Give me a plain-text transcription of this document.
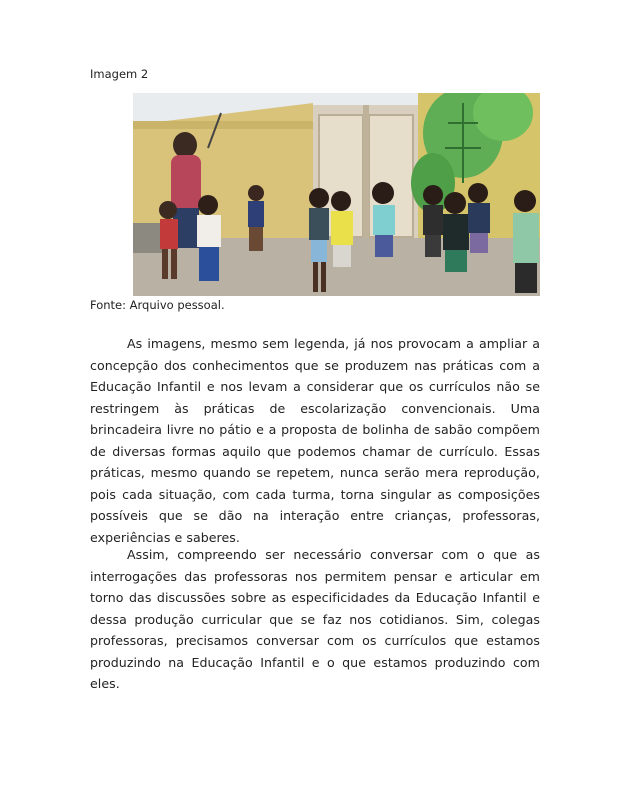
Imagem 2
Fonte: Arquivo pessoal.

As imagens, mesmo sem legenda, já nos provocam a ampliar a concepção dos conhecimentos que se produzem nas práticas com a Educação Infantil e nos levam a considerar que os currículos não se restringem às práticas de escolarização convencionais. Uma brincadeira livre no pátio e a proposta de bolinha de sabão compõem de diversas formas aquilo que podemos chamar de currículo. Essas práticas, mesmo quando se repetem, nunca serão mera reprodução, pois cada situação, com cada turma, torna singular as composições possíveis que se dão na interação entre crianças, professoras, experiências e saberes.

Assim, compreendo ser necessário conversar com o que as interrogações das professoras nos permitem pensar e articular em torno das discussões sobre as especificidades da Educação Infantil e dessa produção curricular que se faz nos cotidianos. Sim, colegas professoras, precisamos conversar com os currículos que estamos produzindo na Educação Infantil e o que estamos produzindo com eles.
